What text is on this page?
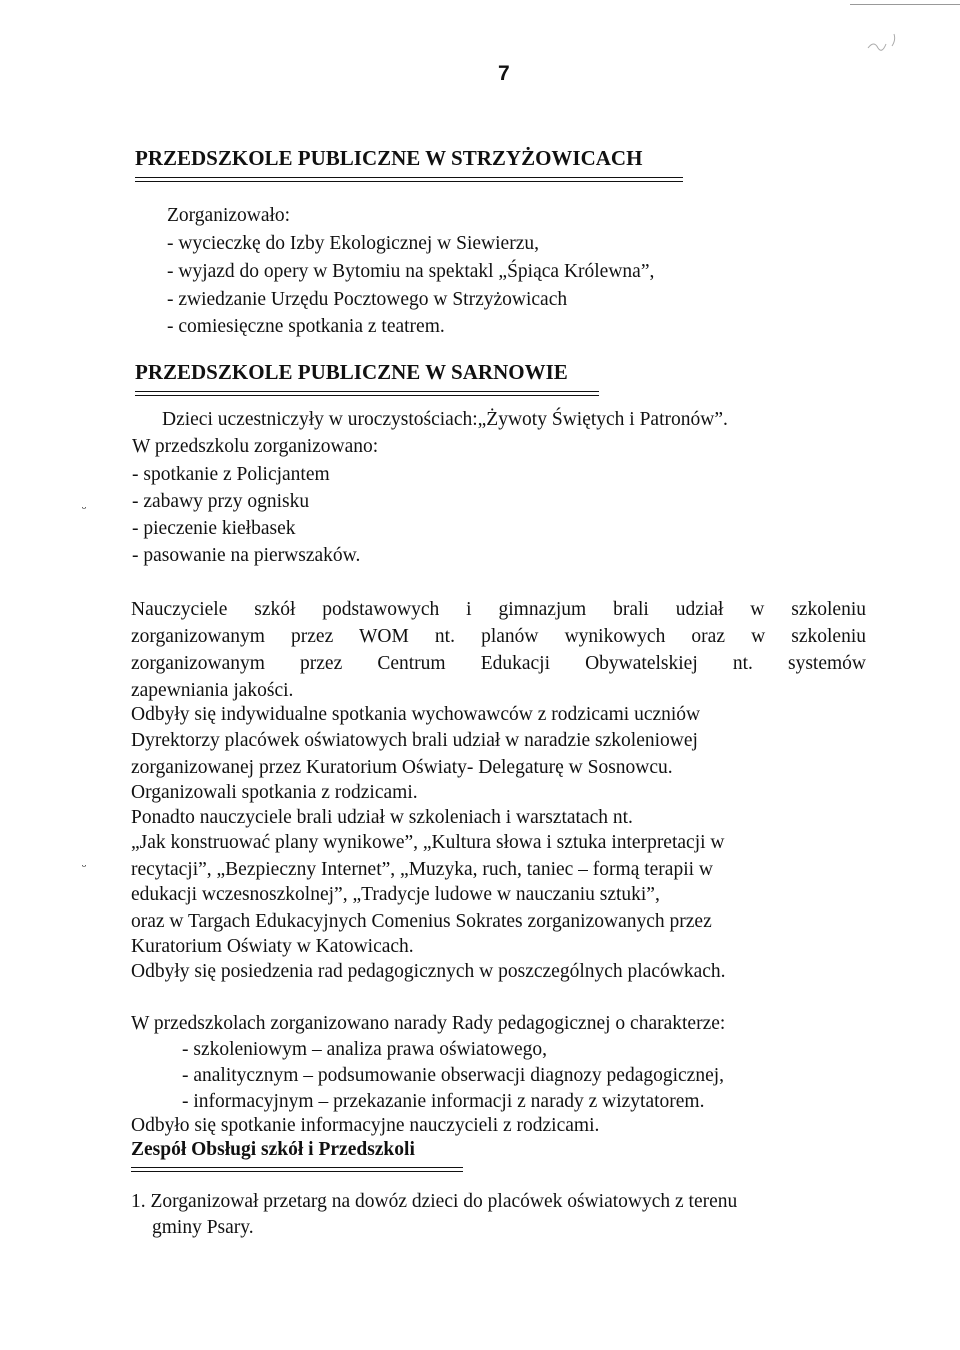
7
PRZEDSZKOLE PUBLICZNE W STRZYŻOWICACH
Zorganizowało:
- wycieczkę do Izby Ekologicznej w Siewierzu,
- wyjazd do opery w Bytomiu na spektakl „Śpiąca Królewna”,
- zwiedzanie Urzędu Pocztowego w Strzyżowicach
- comiesięczne spotkania z teatrem.
PRZEDSZKOLE PUBLICZNE W SARNOWIE
Dzieci uczestniczyły w uroczystościach:„Żywoty Świętych i Patronów”.
W przedszkolu zorganizowano:
- spotkanie z Policjantem
- zabawy przy ognisku
- pieczenie kiełbasek
- pasowanie na pierwszaków.
ᵕ
Nauczyciele szkół podstawowych i gimnazjum brali udział w szkoleniu
zorganizowanym przez WOM nt. planów wynikowych oraz w szkoleniu
zorganizowanym przez Centrum Edukacji Obywatelskiej nt. systemów
zapewniania jakości.
Odbyły się indywidualne spotkania wychowawców z rodzicami uczniów
Dyrektorzy placówek oświatowych brali udział w naradzie szkoleniowej
zorganizowanej przez Kuratorium Oświaty- Delegaturę w Sosnowcu.
Organizowali spotkania z rodzicami.
Ponadto nauczyciele brali udział w szkoleniach i warsztatach nt.
„Jak konstruować plany wynikowe”, „Kultura słowa i sztuka interpretacji w
recytacji”, „Bezpieczny Internet”, „Muzyka, ruch, taniec – formą terapii w
edukacji wczesnoszkolnej”, „Tradycje ludowe w nauczaniu sztuki”,
oraz w Targach Edukacyjnych Comenius Sokrates zorganizowanych przez
Kuratorium Oświaty w Katowicach.
Odbyły się posiedzenia rad pedagogicznych w poszczególnych placówkach.
ᵕ
W przedszkolach zorganizowano narady Rady pedagogicznej o charakterze:
- szkoleniowym – analiza prawa oświatowego,
- analitycznym – podsumowanie obserwacji diagnozy pedagogicznej,
- informacyjnym – przekazanie informacji z narady z wizytatorem.
Odbyło się spotkanie informacyjne nauczycieli z rodzicami.
Zespół Obsługi szkół i Przedszkoli
1. Zorganizował przetarg na dowóz dzieci do placówek oświatowych z terenu
gminy Psary.
